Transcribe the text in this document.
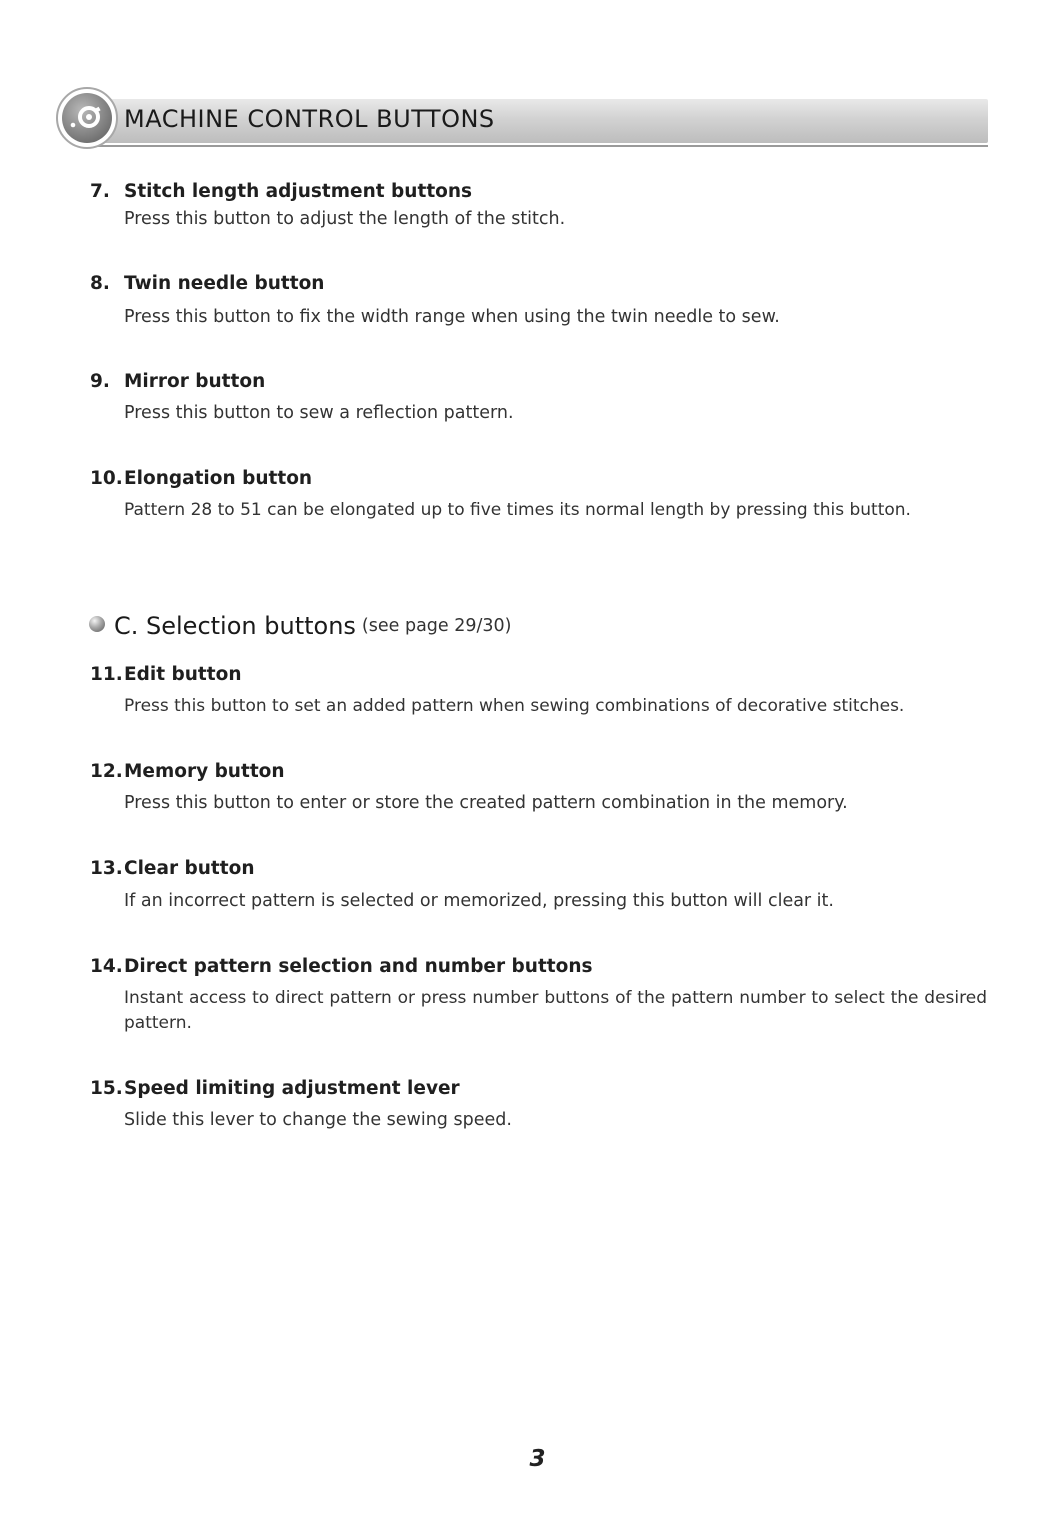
MACHINE CONTROL BUTTONS
7. Stitch length adjustment buttons
Press this button to adjust the length of the stitch.
8. Twin needle button
Press this button to fix the width range when using the twin needle to sew.
9. Mirror button
Press this button to sew a reflection pattern.
10.Elongation button
Pattern 28 to 51 can be elongated up to five times its normal length by pressing this button.
C. Selection buttons (see page 29/30)
11.Edit button
Press this button to set an added pattern when sewing combinations of decorative stitches.
12.Memory button
Press this button to enter or store the created pattern combination in the memory.
13.Clear button
If an incorrect pattern is selected or memorized, pressing this button will clear it.
14.Direct pattern selection and number buttons
Instant access to direct pattern or press number buttons of the pattern number to select the desired pattern.
15.Speed limiting adjustment lever
Slide this lever to change the sewing speed.
3
